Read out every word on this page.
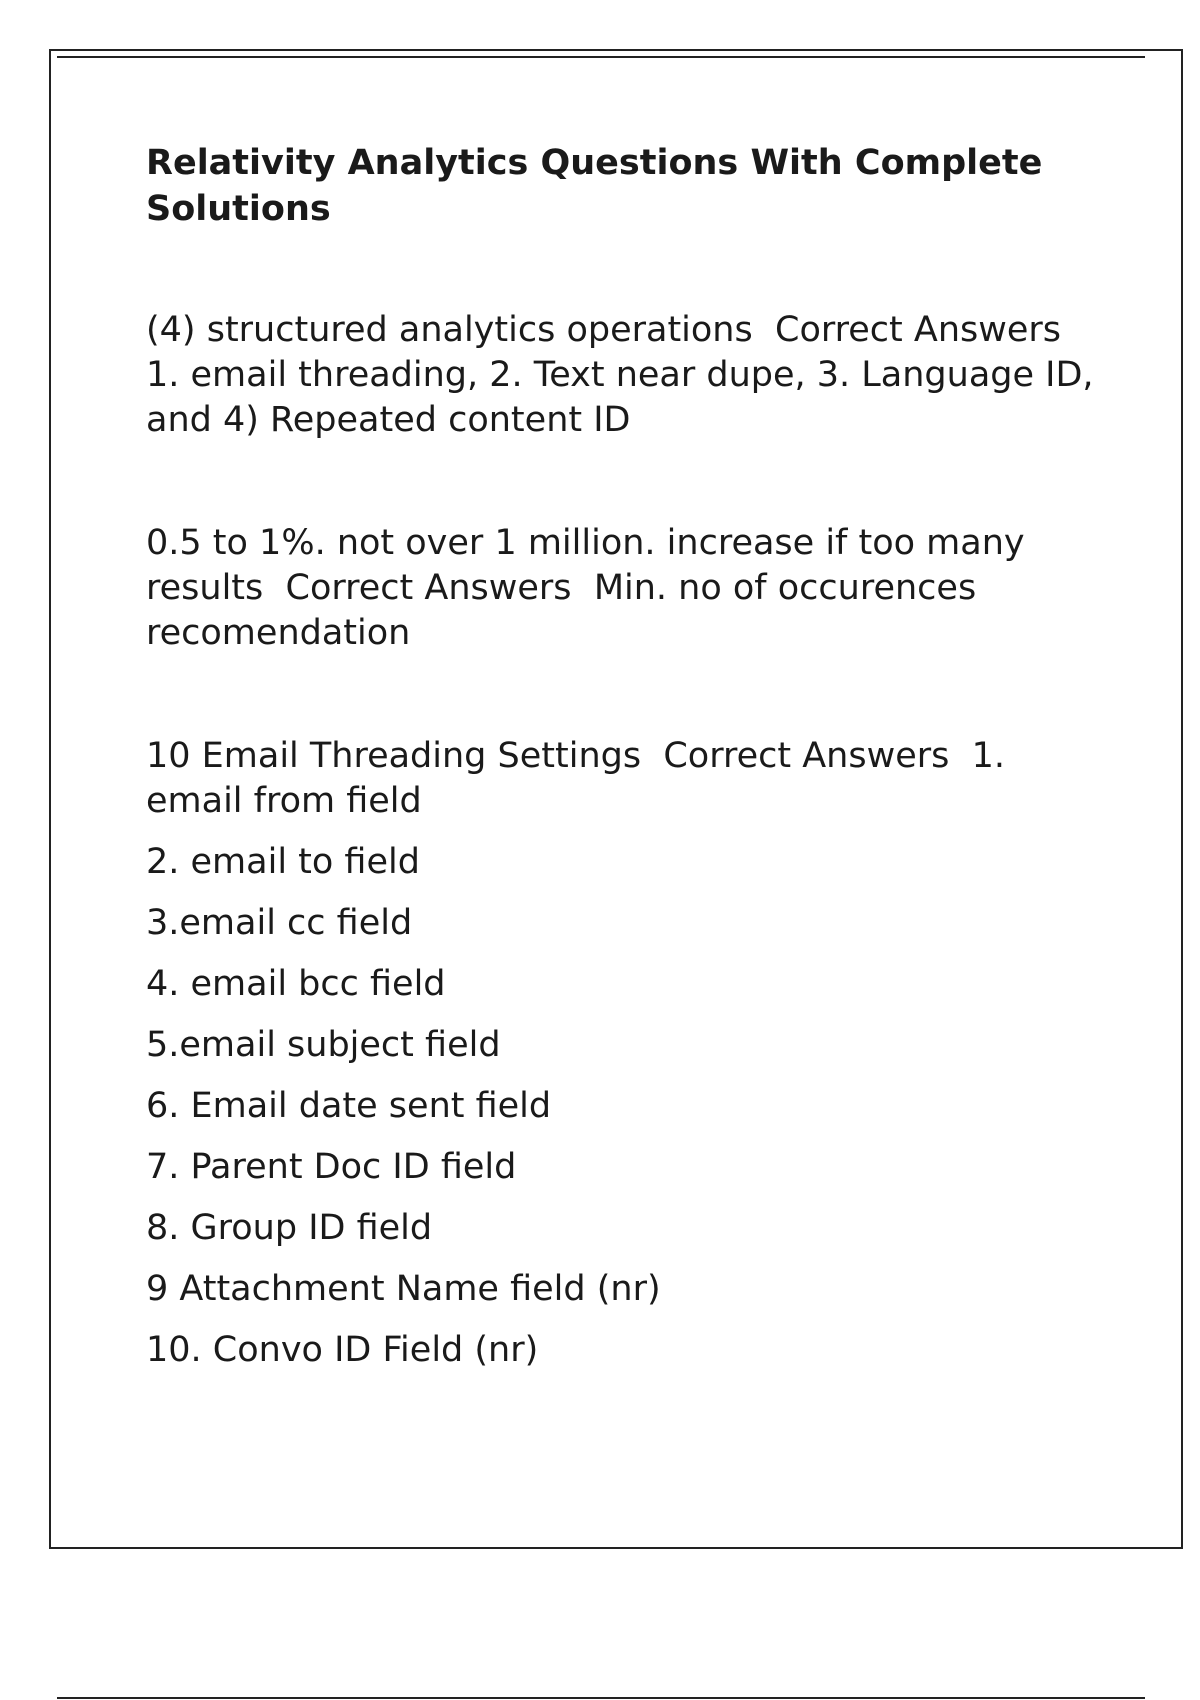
Relativity Analytics Questions With Complete Solutions
(4) structured analytics operations Correct Answers  1. email threading, 2. Text near dupe, 3. Language ID, and 4) Repeated content ID
0.5 to 1%. not over 1 million. increase if too many results Correct Answers Min. no of occurences recomendation
10 Email Threading Settings Correct Answers 1. email from field
2. email to field
3.email cc field
4. email bcc field
5.email subject field
6. Email date sent field
7. Parent Doc ID field
8. Group ID field
9 Attachment Name field (nr)
10. Convo ID Field (nr)
